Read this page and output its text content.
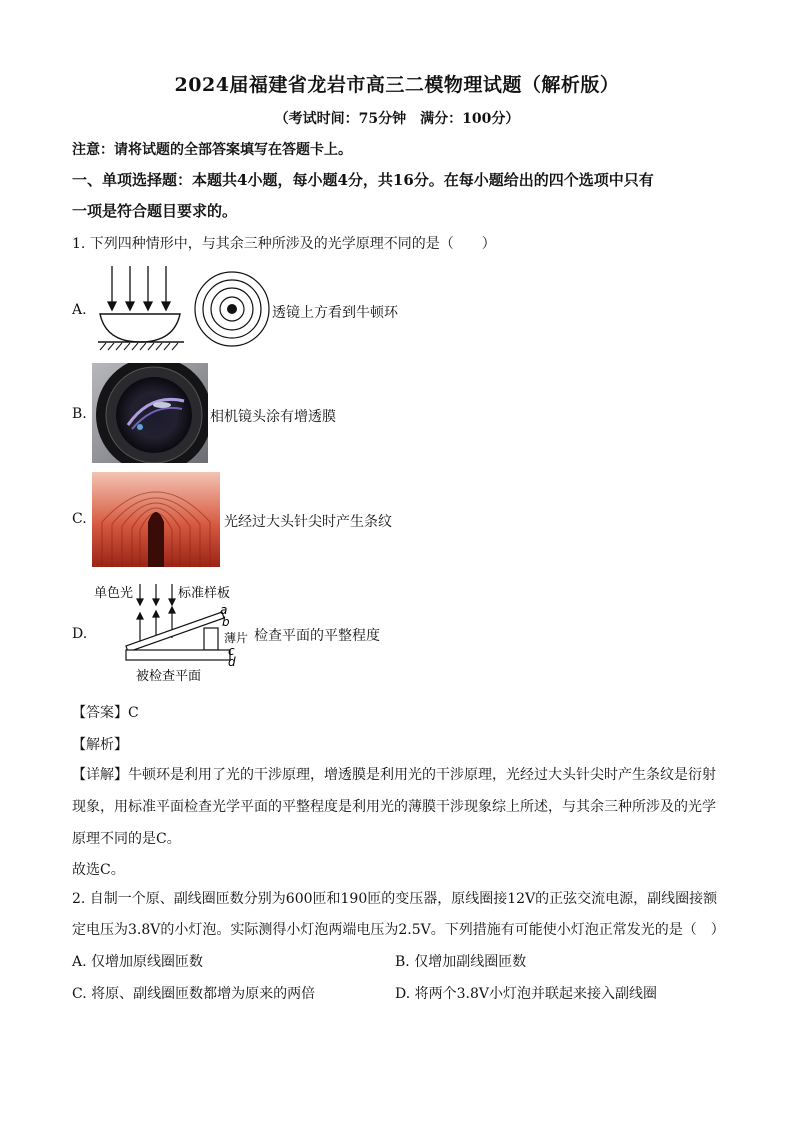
2024届福建省龙岩市高三二模物理试题（解析版）
（考试时间：75分钟　满分：100分）
注意：请将试题的全部答案填写在答题卡上。
一、单项选择题：本题共4小题，每小题4分，共16分。在每小题给出的四个选项中只有
一项是符合题目要求的。
1. 下列四种情形中，与其余三种所涉及的光学原理不同的是（　　）
A.	透镜上方看到牛顿环
B.	相机镜头涂有增透膜
C.	光经过大头针尖时产生条纹
D.
单色光	标准样板
a
b
薄片
c
d
被检查平面
检查平面的平整程度
【答案】C
【解析】
【详解】牛顿环是利用了光的干涉原理，增透膜是利用光的干涉原理，光经过大头针尖时产生条纹是衍射现象，用标准平面检查光学平面的平整程度是利用光的薄膜干涉现象综上所述，与其余三种所涉及的光学原理不同的是C。
故选C。
2. 自制一个原、副线圈匝数分别为600匝和190匝的变压器，原线圈接12V的正弦交流电源，副线圈接额
定电压为3.8V的小灯泡。实际测得小灯泡两端电压为2.5V。下列措施有可能使小灯泡正常发光的是（　）
A. 仅增加原线圈匝数	B. 仅增加副线圈匝数
C. 将原、副线圈匝数都增为原来的两倍	D. 将两个3.8V小灯泡并联起来接入副线圈
